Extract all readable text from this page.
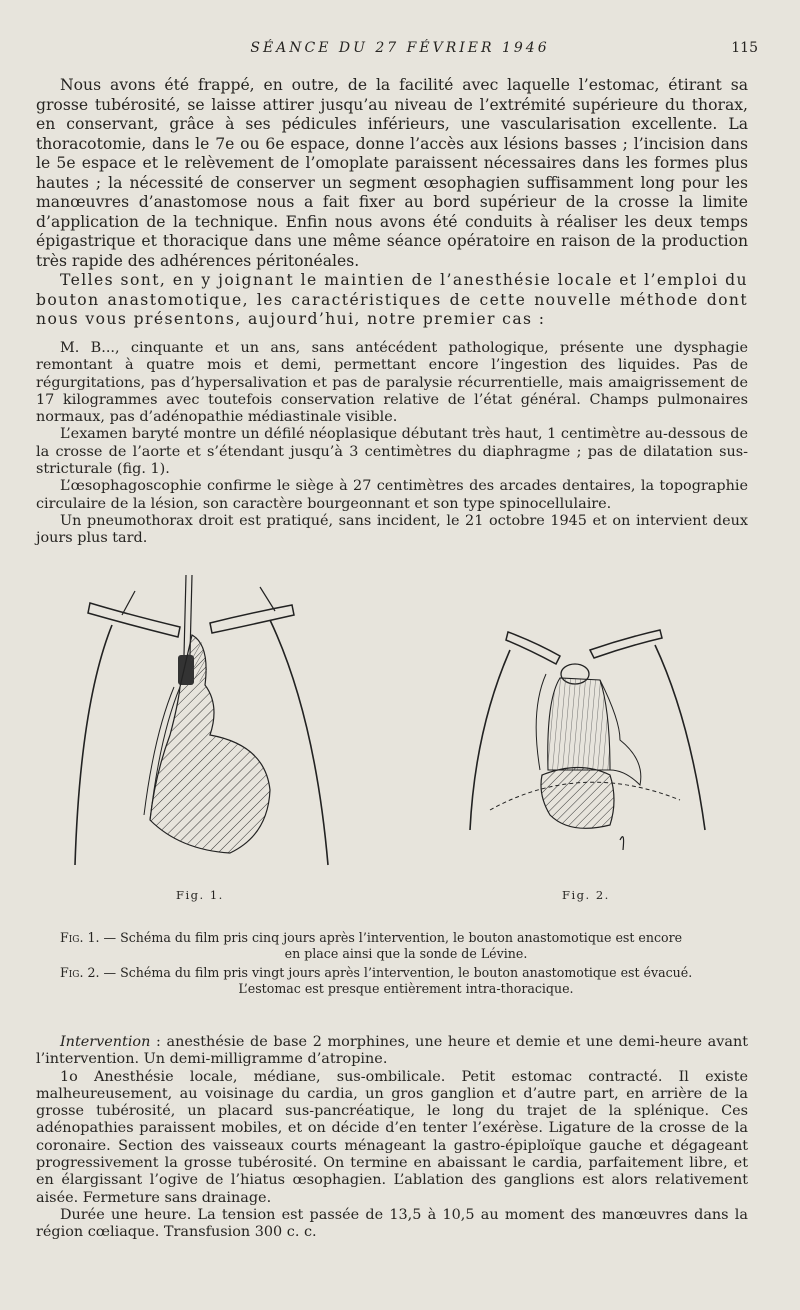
SÉANCE DU 27 FÉVRIER 1946	115

Nous avons été frappé, en outre, de la facilité avec laquelle l’estomac, étirant sa grosse tubérosité, se laisse attirer jusqu’au niveau de l’extrémité supérieure du thorax, en conservant, grâce à ses pédicules inférieurs, une vascularisation excellente. La thoracotomie, dans le 7e ou 6e espace, donne l’accès aux lésions basses ; l’incision dans le 5e espace et le relèvement de l’omoplate paraissent nécessaires dans les formes plus hautes ; la nécessité de conserver un segment œsophagien suffisamment long pour les manœuvres d’anastomose nous a fait fixer au bord supérieur de la crosse la limite d’application de la technique. Enfin nous avons été conduits à réaliser les deux temps épigastrique et thoracique dans une même séance opératoire en raison de la production très rapide des adhérences péritonéales.

Telles sont, en y joignant le maintien de l’anesthésie locale et l’emploi du bouton anastomotique, les caractéristiques de cette nouvelle méthode dont nous vous présentons, aujourd’hui, notre premier cas :

M. B..., cinquante et un ans, sans antécédent pathologique, présente une dysphagie remontant à quatre mois et demi, permettant encore l’ingestion des liquides. Pas de régurgitations, pas d’hypersalivation et pas de paralysie récurrentielle, mais amaigrissement de 17 kilogrammes avec toutefois conservation relative de l’état général. Champs pulmonaires normaux, pas d’adénopathie médiastinale visible.

L’examen baryté montre un défilé néoplasique débutant très haut, 1 centimètre au-dessous de la crosse de l’aorte et s’étendant jusqu’à 3 centimètres du diaphragme ; pas de dilatation sus-stricturale (fig. 1).

L’œsophagoscophie confirme le siège à 27 centimètres des arcades dentaires, la topographie circulaire de la lésion, son caractère bourgeonnant et son type spinocellulaire.

Un pneumothorax droit est pratiqué, sans incident, le 21 octobre 1945 et on intervient deux jours plus tard.

Fig. 1.	Fig. 2.

Fig. 1. — Schéma du film pris cinq jours après l’intervention, le bouton anastomotique est encore
en place ainsi que la sonde de Lévine.

Fig. 2. — Schéma du film pris vingt jours après l’intervention, le bouton anastomotique est évacué.
L’estomac est presque entièrement intra-thoracique.

Intervention : anesthésie de base 2 morphines, une heure et demie et une demi-heure avant l’intervention. Un demi-milligramme d’atropine.

1o Anesthésie locale, médiane, sus-ombilicale. Petit estomac contracté. Il existe malheureusement, au voisinage du cardia, un gros ganglion et d’autre part, en arrière de la grosse tubérosité, un placard sus-pancréatique, le long du trajet de la splénique. Ces adénopathies paraissent mobiles, et on décide d’en tenter l’exérèse. Ligature de la crosse de la coronaire. Section des vaisseaux courts ménageant la gastro-épiploïque gauche et dégageant progressivement la grosse tubérosité. On termine en abaissant le cardia, parfaitement libre, et en élargissant l’ogive de l’hiatus œsophagien. L’ablation des ganglions est alors relativement aisée. Fermeture sans drainage.

Durée une heure. La tension est passée de 13,5 à 10,5 au moment des manœuvres dans la région cœliaque. Transfusion 300 c. c.
